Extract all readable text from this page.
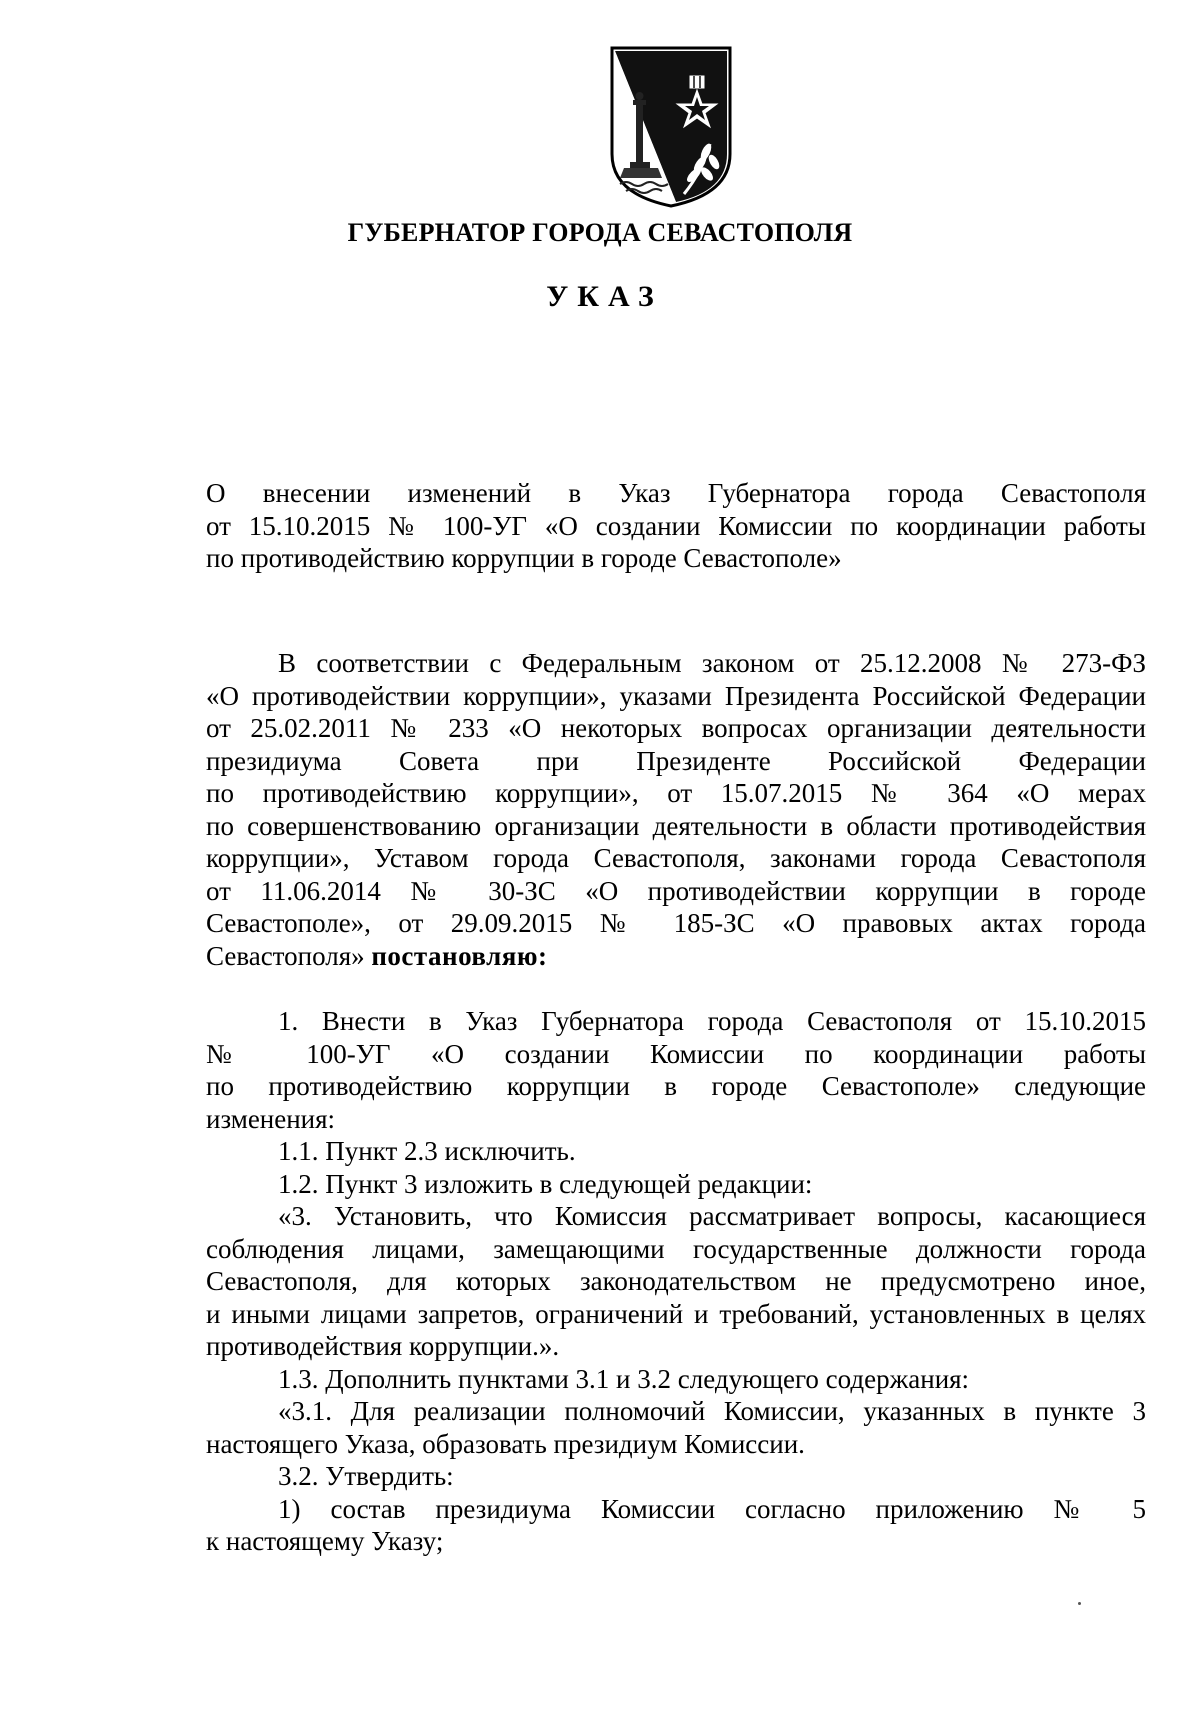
ГУБЕРНАТОР ГОРОДА СЕВАСТОПОЛЯ
УКАЗ
О внесении изменений в Указ Губернатора города Севастополя
от 15.10.2015 № 100-УГ «О создании Комиссии по координации работы
по противодействию коррупции в городе Севастополе»
В соответствии с Федеральным законом от 25.12.2008 № 273-ФЗ
«О противодействии коррупции», указами Президента Российской Федерации
от 25.02.2011 № 233 «О некоторых вопросах организации деятельности
президиума Совета при Президенте Российской Федерации
по противодействию коррупции», от 15.07.2015 № 364 «О мерах
по совершенствованию организации деятельности в области противодействия
коррупции», Уставом города Севастополя, законами города Севастополя
от 11.06.2014 № 30-ЗС «О противодействии коррупции в городе
Севастополе», от 29.09.2015 № 185-ЗС «О правовых актах города
Севастополя» постановляю:
1. Внести в Указ Губернатора города Севастополя от 15.10.2015
№ 100-УГ «О создании Комиссии по координации работы
по противодействию коррупции в городе Севастополе» следующие
изменения:
1.1. Пункт 2.3 исключить.
1.2. Пункт 3 изложить в следующей редакции:
«3. Установить, что Комиссия рассматривает вопросы, касающиеся
соблюдения лицами, замещающими государственные должности города
Севастополя, для которых законодательством не предусмотрено иное,
и иными лицами запретов, ограничений и требований, установленных в целях
противодействия коррупции.».
1.3. Дополнить пунктами 3.1 и 3.2 следующего содержания:
«3.1. Для реализации полномочий Комиссии, указанных в пункте 3
настоящего Указа, образовать президиум Комиссии.
3.2. Утвердить:
1) состав президиума Комиссии согласно приложению № 5
к настоящему Указу;
